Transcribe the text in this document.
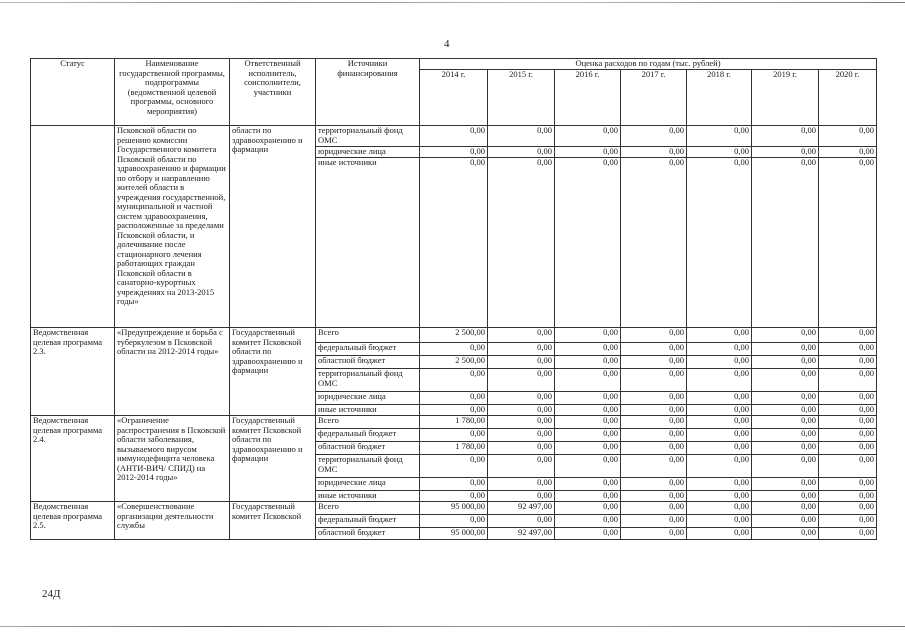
4
Статус	Наименование государственной программы, подпрограммы (ведомственной целевой программы, основного мероприятия)	Ответственный исполнитель, соисполнители, участники	Источники финансирования	Оценка расходов по годам (тыс. рублей)						
				2014 г.	2015 г.	2016 г.	2017 г.	2018 г.	2019 г.	2020 г.
	Псковской области по решению комиссии Государственного комитета Псковской области по здравоохранению и фармации по отбору и направлению жителей области в учреждения государственной, муниципальной и частной систем здравоохранения, расположенные за пределами Псковской области, и долечивание после стационарного лечения работающих граждан Псковской области в санаторно-курортных учреждениях на 2013-2015 годы»	области по здравоохранению и фармации	территориальный фонд ОМС	0,00	0,00	0,00	0,00	0,00	0,00	0,00
			юридические лица	0,00	0,00	0,00	0,00	0,00	0,00	0,00
			иные источники	0,00	0,00	0,00	0,00	0,00	0,00	0,00
Ведомственная целевая программа 2.3.	«Предупреждение и борьба с туберкулезом в Псковской области на 2012-2014 годы»	Государственный комитет Псковской области по здравоохранению и фармации	Всего	2 500,00	0,00	0,00	0,00	0,00	0,00	0,00
			федеральный бюджет	0,00	0,00	0,00	0,00	0,00	0,00	0,00
			областной бюджет	2 500,00	0,00	0,00	0,00	0,00	0,00	0,00
			территориальный фонд ОМС	0,00	0,00	0,00	0,00	0,00	0,00	0,00
			юридические лица	0,00	0,00	0,00	0,00	0,00	0,00	0,00
			иные источники	0,00	0,00	0,00	0,00	0,00	0,00	0,00
Ведомственная целевая программа 2.4.	«Ограничение распространения в Псковской области заболевания, вызываемого вирусом иммунодефицита человека (АНТИ-ВИЧ/ СПИД) на 2012-2014 годы»	Государственный комитет Псковской области по здравоохранению и фармации	Всего	1 780,00	0,00	0,00	0,00	0,00	0,00	0,00
			федеральный бюджет	0,00	0,00	0,00	0,00	0,00	0,00	0,00
			областной бюджет	1 780,00	0,00	0,00	0,00	0,00	0,00	0,00
			территориальный фонд ОМС	0,00	0,00	0,00	0,00	0,00	0,00	0,00
			юридические лица	0,00	0,00	0,00	0,00	0,00	0,00	0,00
			иные источники	0,00	0,00	0,00	0,00	0,00	0,00	0,00
Ведомственная целевая программа 2.5.	«Совершенствование организации деятельности службы	Государственный комитет Псковской	Всего	95 000,00	92 497,00	0,00	0,00	0,00	0,00	0,00
			федеральный бюджет	0,00	0,00	0,00	0,00	0,00	0,00	0,00
			областной бюджет	95 000,00	92 497,00	0,00	0,00	0,00	0,00	0,00
24Д
